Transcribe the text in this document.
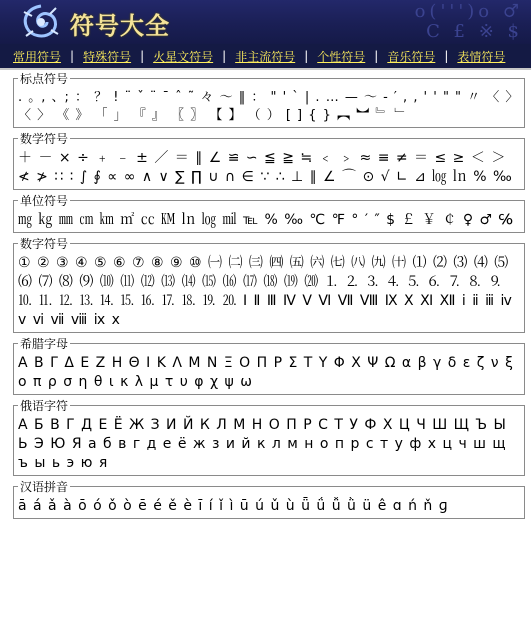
符号大全
o(''')o ♂
C £ ※ $
常用符号 | 特殊符号 | 火星文符号 | 非主流符号 | 个性符号 | 音乐符号 | 表情符号
标点符号
. 。, 、; ： ？ ! ¨ ˇ ¨ ˉ ˆ ˜ 々 ～ ‖ ： " ' ` | . … — ～ - ′ , ‚ ' ' " " 〃 〈 〉 〈 〉 《 》 「 」 『 』 〖 〗 【 】 （ ） [ ] { } ︻ ︼ ﹄ ﹂
数学符号
＋ － × ÷ ﹢ ﹣ ± ／ ＝ ∥ ∠ ≌ ∽ ≦ ≧ ≒ ﹤ ﹥ ≈ ≡ ≠ ＝ ≤ ≥ ＜ ＞ ≮ ≯ ∷ ∶ ∫ ∮ ∝ ∞ ∧ ∨ ∑ ∏ ∪ ∩ ∈ ∵ ∴ ⊥ ∥ ∠ ⌒ ⊙ √ ∟ ⊿ ㏒ ㏑ % ‰
单位符号
㎎ ㎏ ㎜ ㎝ ㎞ ㎡ ㏄ ㏎ ㏑ ㏒ ㏕ ℡ % ‰ ℃ ℉ ° ′ ″ $ ￡ ￥ ￠ ♀ ♂ ℅
数字符号
① ② ③ ④ ⑤ ⑥ ⑦ ⑧ ⑨ ⑩ ㈠ ㈡ ㈢ ㈣ ㈤ ㈥ ㈦ ㈧ ㈨ ㈩ ⑴ ⑵ ⑶ ⑷ ⑸ ⑹ ⑺ ⑻ ⑼ ⑽ ⑾ ⑿ ⒀ ⒁ ⒂ ⒃ ⒄ ⒅ ⒆ ⒇ ⒈ ⒉ ⒊ ⒋ ⒌ ⒍ ⒎ ⒏ ⒐ ⒑ ⒒ ⒓ ⒔ ⒕ ⒖ ⒗ ⒘ ⒙ ⒚ ⒛ Ⅰ Ⅱ Ⅲ Ⅳ Ⅴ Ⅵ Ⅶ Ⅷ Ⅸ Ⅹ Ⅺ Ⅻ ⅰ ⅱ ⅲ ⅳ ⅴ ⅵ ⅶ ⅷ ⅸ ⅹ
希腊字母
Α Β Γ Δ Ε Ζ Η Θ Ι Κ Λ Μ Ν Ξ Ο Π Ρ Σ Τ Υ Φ Χ Ψ Ω α β γ δ ε ζ ν ξ ο π ρ σ η θ ι κ λ μ τ υ φ χ ψ ω
俄语字符
А Б В Г Д Е Ё Ж З И Й К Л М Н О П Р С Т У Ф Х Ц Ч Ш Щ Ъ Ы Ь Э Ю Я а б в г д е ё ж з и й к л м н о п р с т у ф х ц ч ш щ ъ ы ь э ю я
汉语拼音
ā á ǎ à ō ó ǒ ò ē é ě è ī í ǐ ì ū ú ǔ ù ǖ ǘ ǚ ǜ ü ê ɑ ń ň ɡ
